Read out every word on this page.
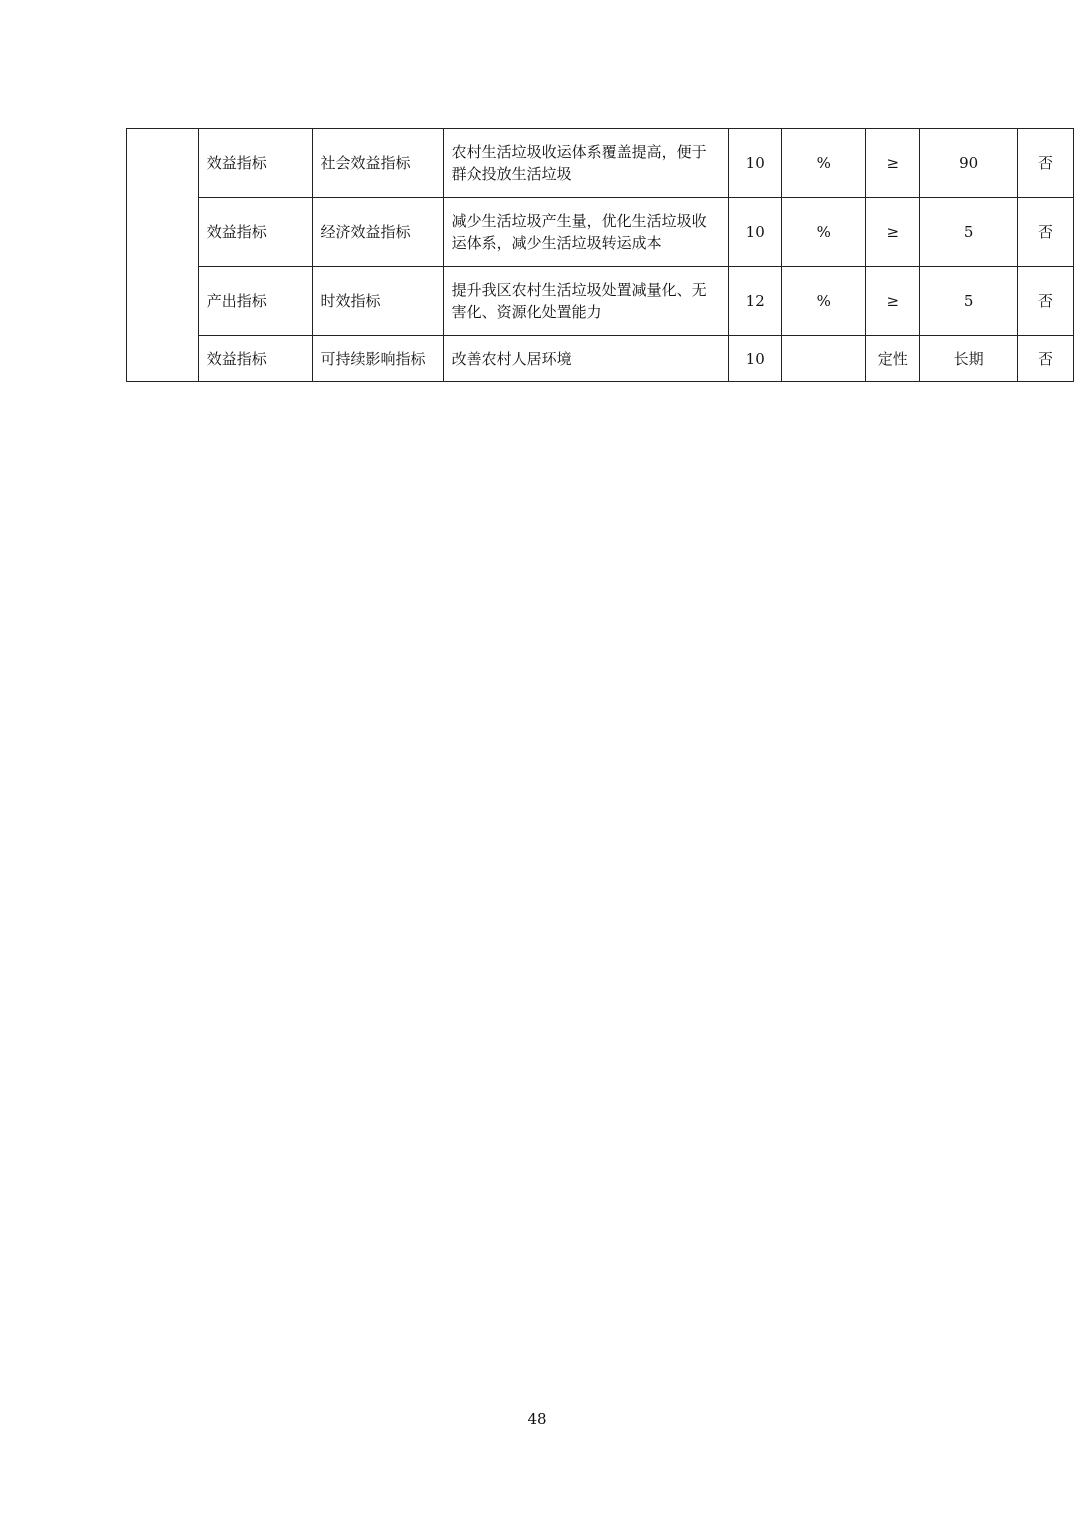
	效益指标	社会效益指标	农村生活垃圾收运体系覆盖提高，便于群众投放生活垃圾	10	%	≥	90	否
	效益指标	经济效益指标	减少生活垃圾产生量，优化生活垃圾收运体系，减少生活垃圾转运成本	10	%	≥	5	否
	产出指标	时效指标	提升我区农村生活垃圾处置减量化、无害化、资源化处置能力	12	%	≥	5	否
	效益指标	可持续影响指标	改善农村人居环境	10		定性	长期	否
48
